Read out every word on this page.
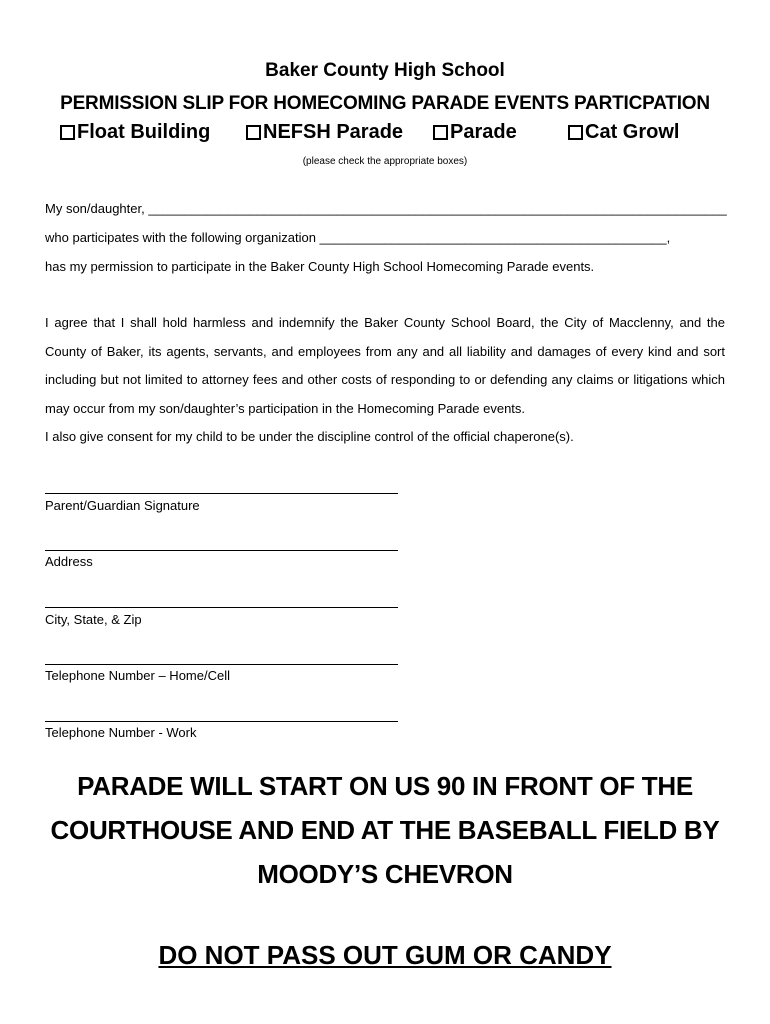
Baker County High School
PERMISSION SLIP FOR HOMECOMING PARADE EVENTS PARTICPATION
Float Building	NEFSH Parade Parade	Cat Growl
(please check the appropriate boxes)
My son/daughter, ________________________________________________________________________________
who participates with the following organization ________________________________________________,
has my permission to participate in the Baker County High School Homecoming Parade events.
I agree that I shall hold harmless and indemnify the Baker County School Board, the City of Macclenny, and the County of Baker, its agents, servants, and employees from any and all liability and damages of every kind and sort including but not limited to attorney fees and other costs of responding to or defending any claims or litigations which may occur from my son/daughter’s participation in the Homecoming Parade events.
I also give consent for my child to be under the discipline control of the official chaperone(s).
Parent/Guardian Signature
Address
City, State, & Zip
Telephone Number – Home/Cell
Telephone Number - Work
PARADE WILL START ON US 90 IN FRONT OF THE
COURTHOUSE AND END AT THE BASEBALL FIELD BY
MOODY’S CHEVRON
DO NOT PASS OUT GUM OR CANDY
